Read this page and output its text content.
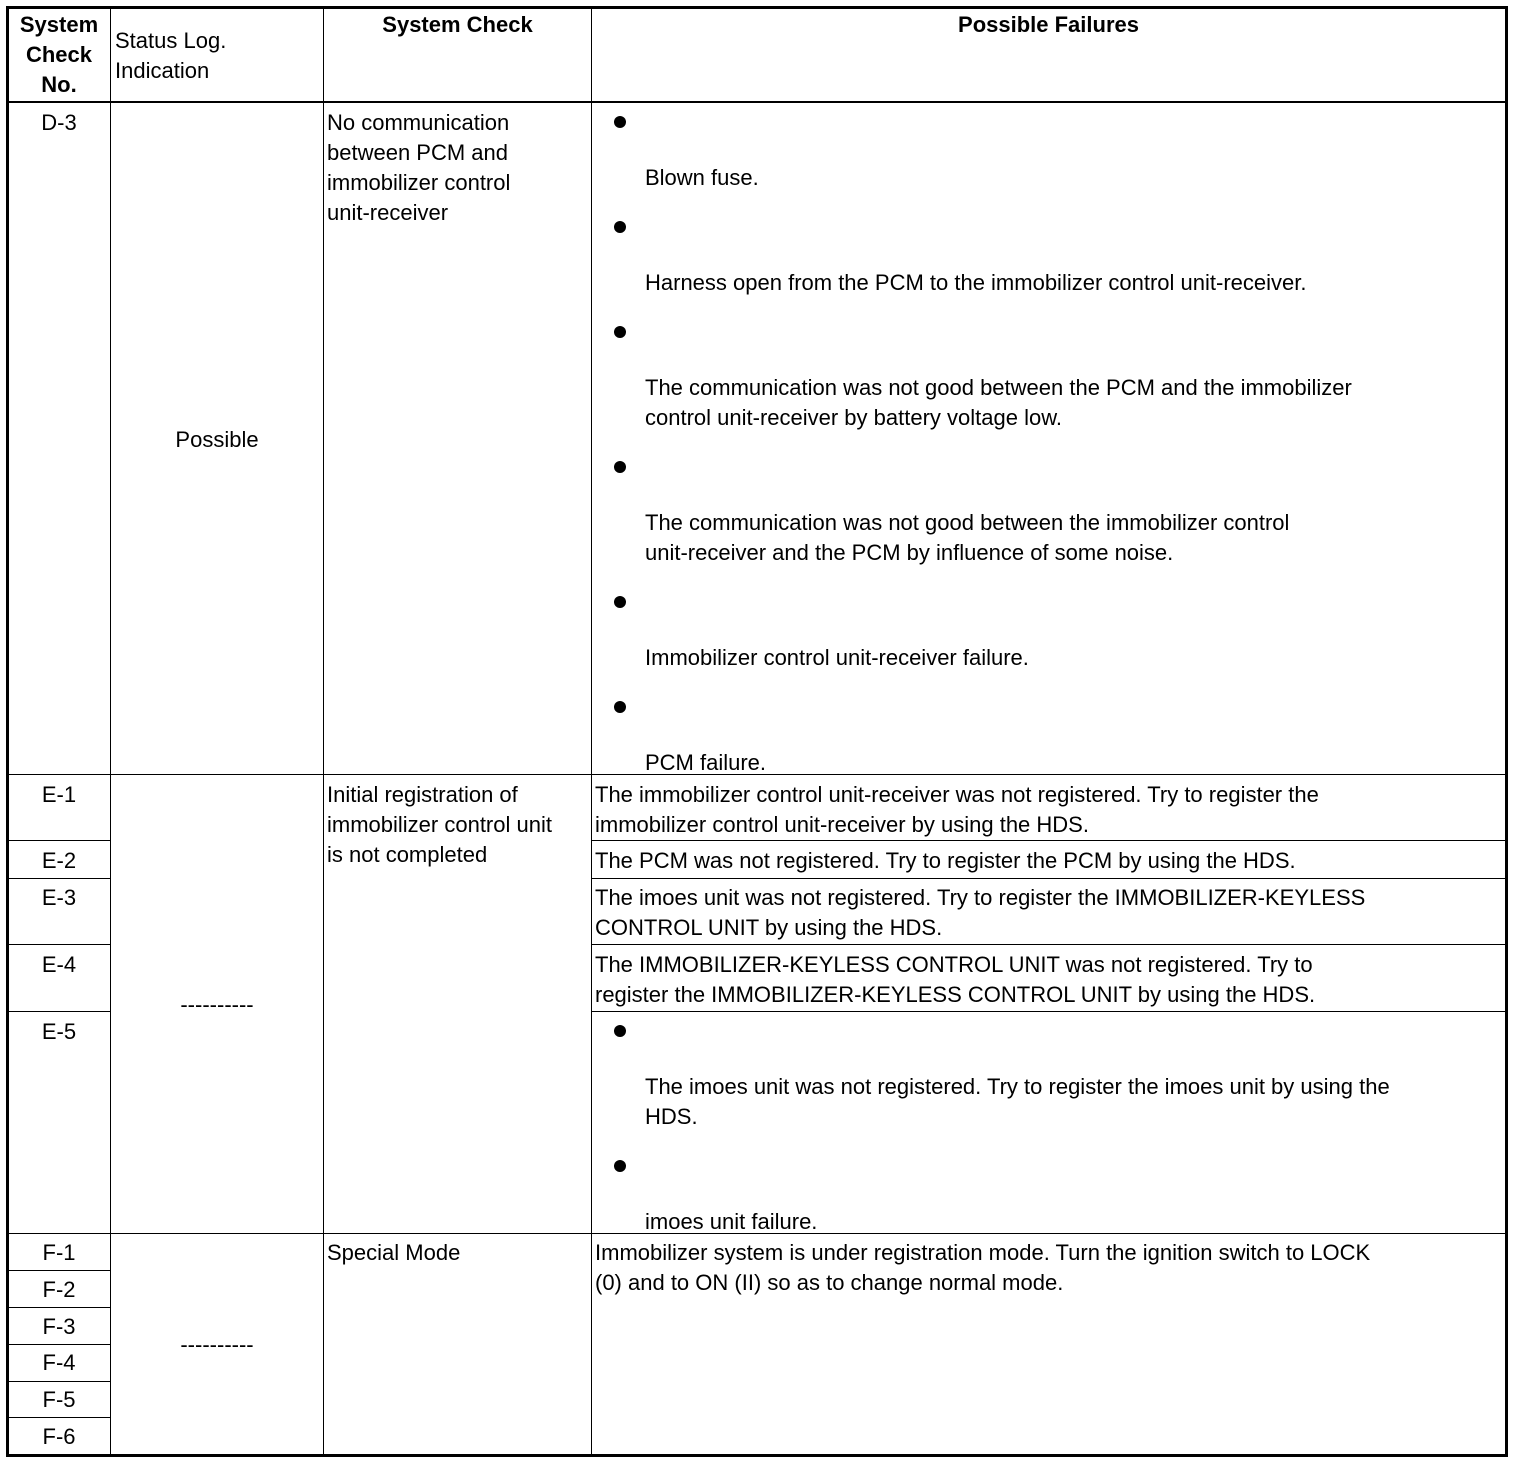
System
Check
No.
Status Log.
Indication
System Check	Possible Failures
D-3
Possible
No communication
between PCM and
immobilizer control
unit-receiver
Blown fuse.
Harness open from the PCM to the immobilizer control unit-receiver.
The communication was not good between the PCM and the immobilizer
control unit-receiver by battery voltage low.
The communication was not good between the immobilizer control
unit-receiver and the PCM by influence of some noise.
Immobilizer control unit-receiver failure.
PCM failure.
E-1
E-2
E-3
E-4
E-5
----------
Initial registration of
immobilizer control unit
is not completed
The immobilizer control unit-receiver was not registered. Try to register the
immobilizer control unit-receiver by using the HDS.
The PCM was not registered. Try to register the PCM by using the HDS.
The imoes unit was not registered. Try to register the IMMOBILIZER-KEYLESS
CONTROL UNIT by using the HDS.
The IMMOBILIZER-KEYLESS CONTROL UNIT was not registered. Try to
register the IMMOBILIZER-KEYLESS CONTROL UNIT by using the HDS.
The imoes unit was not registered. Try to register the imoes unit by using the
HDS.
imoes unit failure.
F-1
F-2
F-3
F-4
F-5
F-6
----------
Special Mode	Immobilizer system is under registration mode. Turn the ignition switch to LOCK
(0) and to ON (II) so as to change normal mode.
